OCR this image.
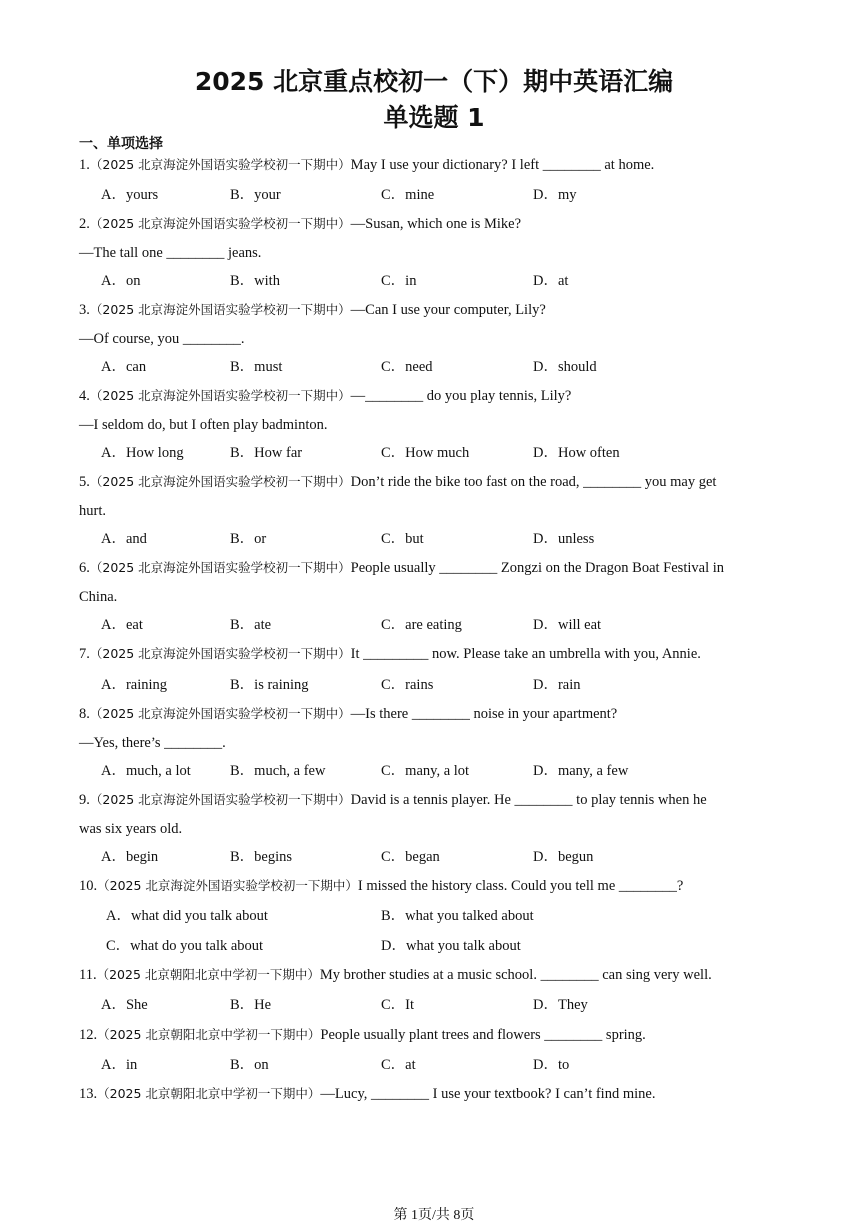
2025 北京重点校初一（下）期中英语汇编
单选题 1
一、单项选择
1.（2025 北京海淀外国语实验学校初一下期中）May I use your dictionary? I left ________ at home.
A．yours	B．your	C．mine	D．my
2.（2025 北京海淀外国语实验学校初一下期中）—Susan, which one is Mike?
—The tall one ________ jeans.
A．on	B．with	C．in	D．at
3.（2025 北京海淀外国语实验学校初一下期中）—Can I use your computer, Lily?
—Of course, you ________.
A．can	B．must	C．need	D．should
4.（2025 北京海淀外国语实验学校初一下期中）—________ do you play tennis, Lily?
—I seldom do, but I often play badminton.
A．How long	B．How far	C．How much	D．How often
5.（2025 北京海淀外国语实验学校初一下期中）Don’t ride the bike too fast on the road, ________ you may get
hurt.
A．and	B．or	C．but	D．unless
6.（2025 北京海淀外国语实验学校初一下期中）People usually ________ Zongzi on the Dragon Boat Festival in
China.
A．eat	B．ate	C．are eating	D．will eat
7.（2025 北京海淀外国语实验学校初一下期中）It _________ now. Please take an umbrella with you, Annie.
A．raining	B．is raining	C．rains	D．rain
8.（2025 北京海淀外国语实验学校初一下期中）—Is there ________ noise in your apartment?
—Yes, there’s ________.
A．much, a lot	B．much, a few	C．many, a lot	D．many, a few
9.（2025 北京海淀外国语实验学校初一下期中）David is a tennis player. He ________ to play tennis when he
was six years old.
A．begin	B．begins	C．began	D．begun
10.（2025 北京海淀外国语实验学校初一下期中）I missed the history class. Could you tell me ________?
A．what did you talk about	B．what you talked about
C．what do you talk about	D．what you talk about
11.（2025 北京朝阳北京中学初一下期中）My brother studies at a music school. ________ can sing very well.
A．She	B．He	C．It	D．They
12.（2025 北京朝阳北京中学初一下期中）People usually plant trees and flowers ________ spring.
A．in	B．on	C．at	D．to
13.（2025 北京朝阳北京中学初一下期中）—Lucy, ________ I use your textbook? I can’t find mine.
第 1页/共 8页
